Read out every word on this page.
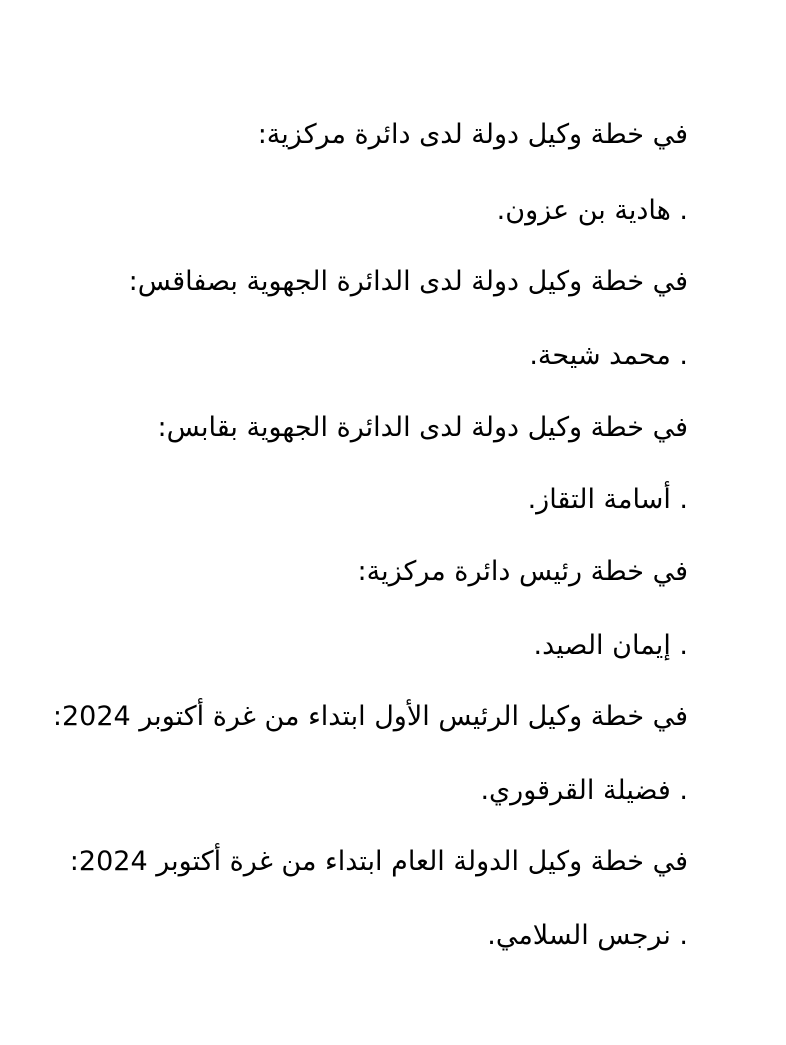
في خطة وكيل دولة لدى دائرة مركزية:
. هادية بن عزون.
في خطة وكيل دولة لدى الدائرة الجهوية بصفاقس:
. محمد شيحة.
في خطة وكيل دولة لدى الدائرة الجهوية بقابس:
. أسامة التقاز.
في خطة رئيس دائرة مركزية:
. إيمان الصيد.
في خطة وكيل الرئيس الأول ابتداء من غرة أكتوبر 2024:
. فضيلة القرقوري.
في خطة وكيل الدولة العام ابتداء من غرة أكتوبر 2024:
. نرجس السلامي.
